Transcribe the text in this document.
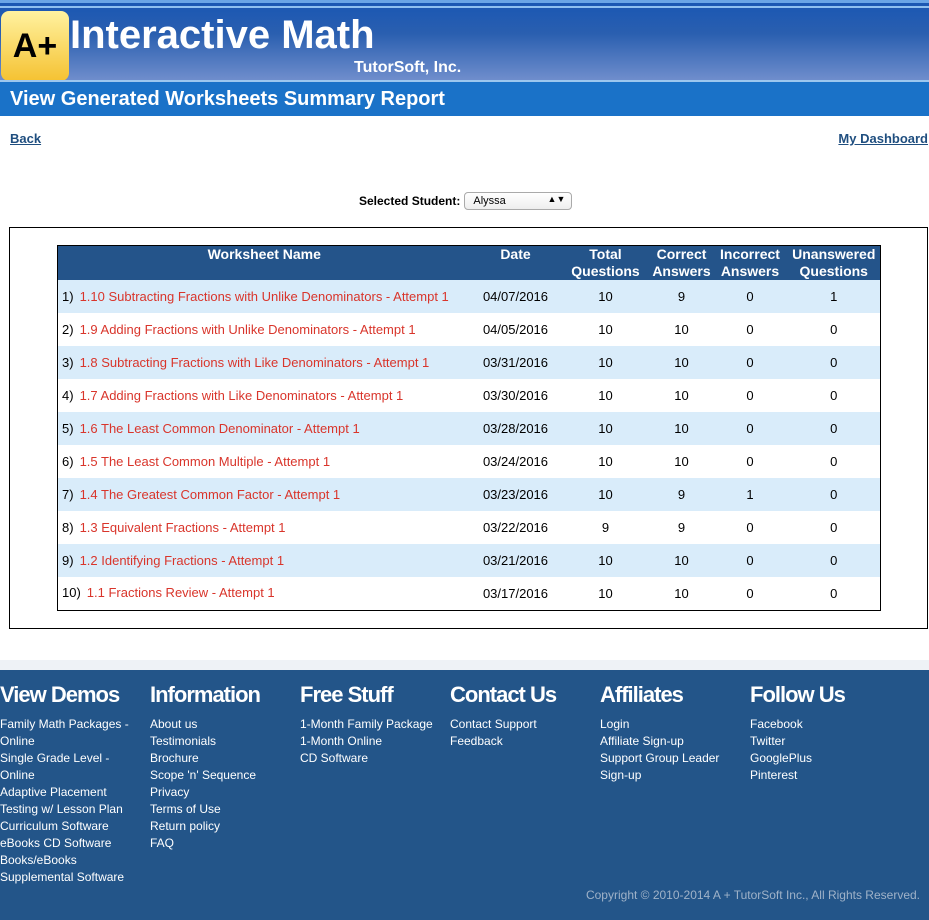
A+ Interactive Math
TutorSoft, Inc.
View Generated Worksheets Summary Report
Back	My Dashboard
Selected Student:	Alyssa	▲▼
Worksheet Name	Date	Total Questions	Correct Answers	Incorrect Answers	Unanswered Questions

1) 1.10 Subtracting Fractions with Unlike Denominators - Attempt 1	04/07/2016	10	9	0	1

2) 1.9 Adding Fractions with Unlike Denominators - Attempt 1	04/05/2016	10	10	0	0

3) 1.8 Subtracting Fractions with Like Denominators - Attempt 1	03/31/2016	10	10	0	0

4) 1.7 Adding Fractions with Like Denominators - Attempt 1	03/30/2016	10	10	0	0

5) 1.6 The Least Common Denominator - Attempt 1	03/28/2016	10	10	0	0

6) 1.5 The Least Common Multiple - Attempt 1	03/24/2016	10	10	0	0

7) 1.4 The Greatest Common Factor - Attempt 1	03/23/2016	10	9	1	0

8) 1.3 Equivalent Fractions - Attempt 1	03/22/2016	9	9	0	0

9) 1.2 Identifying Fractions - Attempt 1	03/21/2016	10	10	0	0

10) 1.1 Fractions Review - Attempt 1	03/17/2016	10	10	0	0
View Demos
Family Math Packages - Online
Single Grade Level - Online
Adaptive Placement
Testing w/ Lesson Plan
Curriculum Software
eBooks CD Software
Books/eBooks
Supplemental Software
Information
About us
Testimonials
Brochure
Scope 'n' Sequence
Privacy
Terms of Use
Return policy
FAQ
Free Stuff
1-Month Family Package
1-Month Online
CD Software
Contact Us
Contact Support
Feedback
Affiliates
Login
Affiliate Sign-up
Support Group Leader Sign-up
Follow Us
Facebook
Twitter
GooglePlus
Pinterest
Copyright © 2010-2014 A + TutorSoft Inc., All Rights Reserved.
